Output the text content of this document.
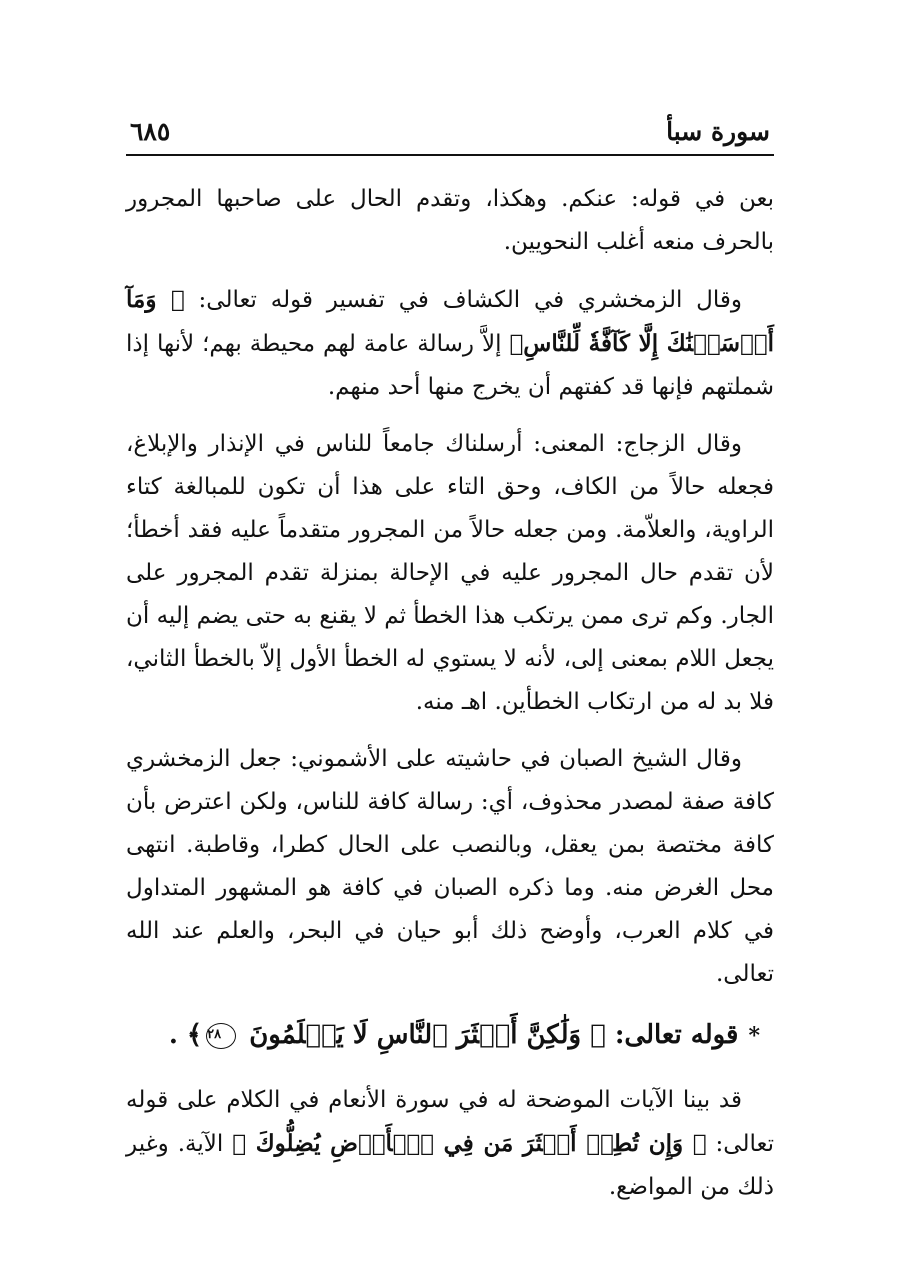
سورة سبأ
٦٨٥

بعن في قوله: عنكم. وهكذا، وتقدم الحال على صاحبها المجرور بالحرف منعه أغلب النحويين.

وقال الزمخشري في الكشاف في تفسير قوله تعالى: ﴿ وَمَآ أَرۡسَلۡنَٰكَ إِلَّا كَآفَّةٗ لِّلنَّاسِ﴾ إلاَّ رسالة عامة لهم محيطة بهم؛ لأنها إذا شملتهم فإنها قد كفتهم أن يخرج منها أحد منهم.

وقال الزجاج: المعنى: أرسلناك جامعاً للناس في الإنذار والإبلاغ، فجعله حالاً من الكاف، وحق التاء على هذا أن تكون للمبالغة كتاء الراوية، والعلاّمة. ومن جعله حالاً من المجرور متقدماً عليه فقد أخطأ؛ لأن تقدم حال المجرور عليه في الإحالة بمنزلة تقدم المجرور على الجار. وكم ترى ممن يرتكب هذا الخطأ ثم لا يقنع به حتى يضم إليه أن يجعل اللام بمعنى إلى، لأنه لا يستوي له الخطأ الأول إلاّ بالخطأ الثاني، فلا بد له من ارتكاب الخطأين. اهـ منه.

وقال الشيخ الصبان في حاشيته على الأشموني: جعل الزمخشري كافة صفة لمصدر محذوف، أي: رسالة كافة للناس، ولكن اعترض بأن كافة مختصة بمن يعقل، وبالنصب على الحال كطرا، وقاطبة. انتهى محل الغرض منه. وما ذكره الصبان في كافة هو المشهور المتداول في كلام العرب، وأوضح ذلك أبو حيان في البحر، والعلم عند الله تعالى.

*قوله تعالى: ﴿ وَلَٰكِنَّ أَكۡثَرَ ٱلنَّاسِ لَا يَعۡلَمُونَ ٢٨﴾ .

قد بينا الآيات الموضحة له في سورة الأنعام في الكلام على قوله تعالى: ﴿ وَإِن تُطِعۡ أَكۡثَرَ مَن فِي ٱلۡأَرۡضِ يُضِلُّوكَ ﴾ الآية. وغير ذلك من المواضع.
